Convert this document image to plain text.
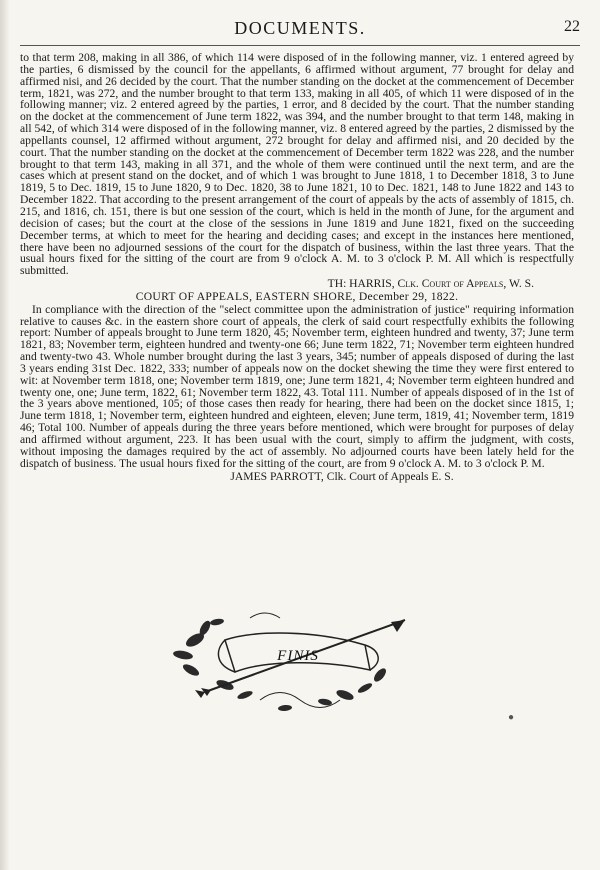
DOCUMENTS.	22

to that term 208, making in all 386, of which 114 were disposed of in the following manner, viz. 1 entered agreed by the parties, 6 dismissed by the council for the appellants, 6 affirmed without argument, 77 brought for delay and affirmed nisi, and 26 decided by the court. That the number standing on the docket at the commencement of December term, 1821, was 272, and the number brought to that term 133, making in all 405, of which 11 were disposed of in the following manner; viz. 2 entered agreed by the parties, 1 error, and 8 decided by the court. That the number standing on the docket at the commencement of June term 1822, was 394, and the number brought to that term 148, making in all 542, of which 314 were disposed of in the following manner, viz. 8 entered agreed by the parties, 2 dismissed by the appellants counsel, 12 affirmed without argument, 272 brought for delay and affirmed nisi, and 20 decided by the court. That the number standing on the docket at the commencement of December term 1822 was 228, and the number brought to that term 143, making in all 371, and the whole of them were continued until the next term, and are the cases which at present stand on the docket, and of which 1 was brought to June 1818, 1 to December 1818, 3 to June 1819, 5 to Dec. 1819, 15 to June 1820, 9 to Dec. 1820, 38 to June 1821, 10 to Dec. 1821, 148 to June 1822 and 143 to December 1822. That according to the present arrangement of the court of appeals by the acts of assembly of 1815, ch. 215, and 1816, ch. 151, there is but one session of the court, which is held in the month of June, for the argument and decision of cases; but the court at the close of the sessions in June 1819 and June 1821, fixed on the succeeding December terms, at which to meet for the hearing and deciding cases; and except in the instances here mentioned, there have been no adjourned sessions of the court for the dispatch of business, within the last three years. That the usual hours fixed for the sitting of the court are from 9 o'clock A. M. to 3 o'clock P. M. All which is respectfully submitted.

TH: HARRIS, Clk. Court of Appeals, W. S.

COURT OF APPEALS, EASTERN SHORE, December 29, 1822.

In compliance with the direction of the "select committee upon the administration of justice" requiring information relative to causes &c. in the eastern shore court of appeals, the clerk of said court respectfully exhibits the following report: Number of appeals brought to June term 1820, 45; November term, eighteen hundred and twenty, 37; June term 1821, 83; November term, eighteen hundred and twenty-one 66; June term 1822, 71; November term eighteen hundred and twenty-two 43. Whole number brought during the last 3 years, 345; number of appeals disposed of during the last 3 years ending 31st Dec. 1822, 333; number of appeals now on the docket shewing the time they were first entered to wit: at November term 1818, one; November term 1819, one; June term 1821, 4; November term eighteen hundred and twenty one, one; June term, 1822, 61; November term 1822, 43. Total 111. Number of appeals disposed of in the 1st of the 3 years above mentioned, 105; of those cases then ready for hearing, there had been on the docket since 1815, 1; June term 1818, 1; November term, eighteen hundred and eighteen, eleven; June term, 1819, 41; November term, 1819 46; Total 100. Number of appeals during the three years before mentioned, which were brought for purposes of delay and affirmed without argument, 223. It has been usual with the court, simply to affirm the judgment, with costs, without imposing the damages required by the act of assembly. No adjourned courts have been lately held for the dispatch of business. The usual hours fixed for the sitting of the court, are from 9 o'clock A. M. to 3 o'clock P. M.

JAMES PARROTT, Clk. Court of Appeals E. S.

FINIS
●
